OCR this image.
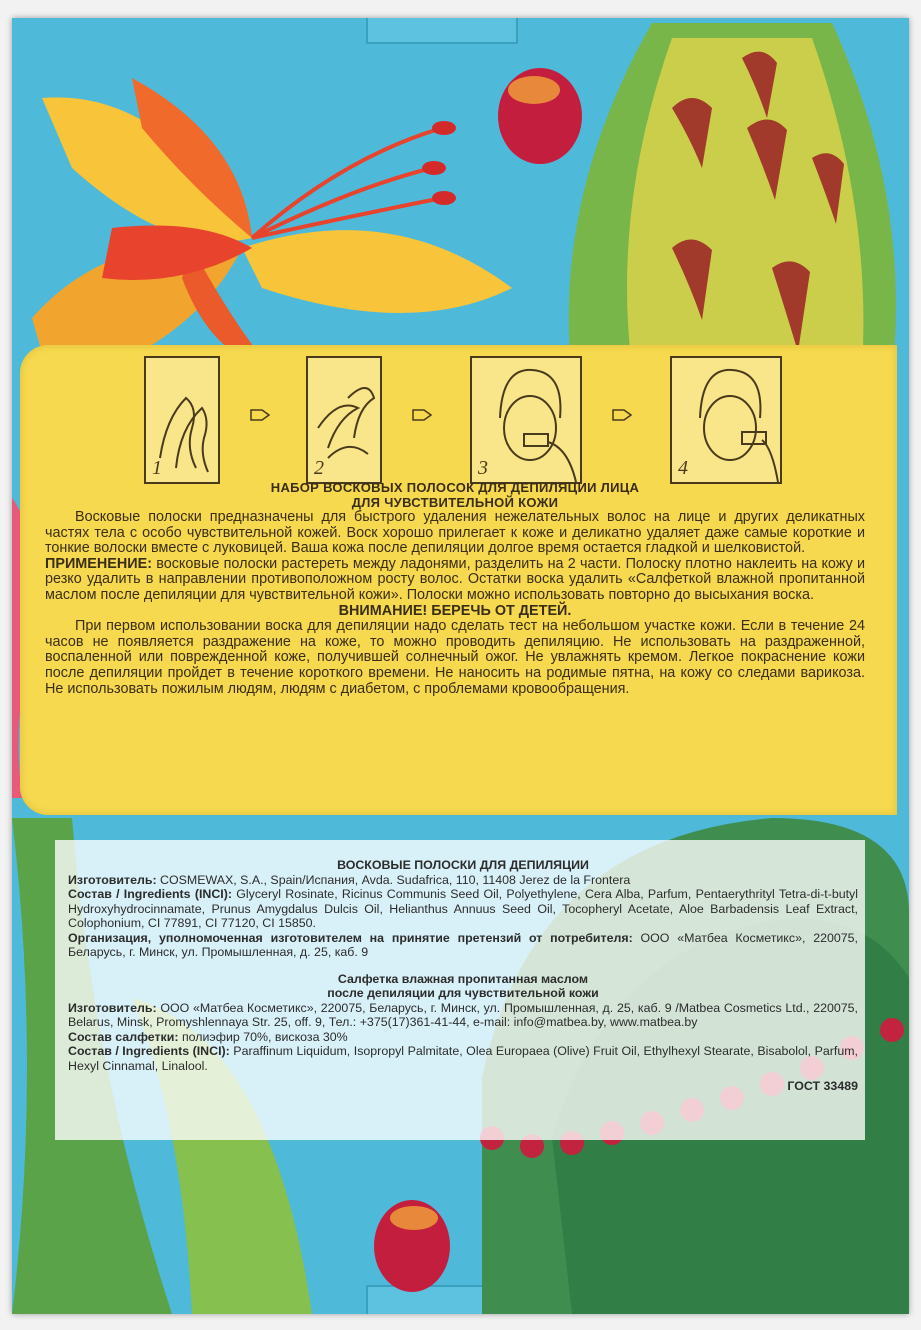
1	2	3	4

НАБОР ВОСКОВЫХ ПОЛОСОК ДЛЯ ДЕПИЛЯЦИИ ЛИЦА

ДЛЯ ЧУВСТВИТЕЛЬНОЙ КОЖИ

Восковые полоски предназначены для быстрого удаления нежелательных волос на лице и других деликатных частях тела с особо чувствительной кожей. Воск хорошо прилегает к коже и деликатно удаляет даже самые короткие и тонкие волоски вместе с луковицей. Ваша кожа после депиляции долгое время остается гладкой и шелковистой.

ПРИМЕНЕНИЕ: восковые полоски растереть между ладонями, разделить на 2 части. Полоску плотно наклеить на кожу и резко удалить в направлении противоположном росту волос. Остатки воска удалить «Салфеткой влажной пропитанной маслом после депиляции для чувствительной кожи». Полоски можно использовать повторно до высыхания воска.

ВНИМАНИЕ! БЕРЕЧЬ ОТ ДЕТЕЙ.

При первом использовании воска для депиляции надо сделать тест на небольшом участке кожи. Если в течение 24 часов не появляется раздражение на коже, то можно проводить депиляцию. Не использовать на раздраженной, воспаленной или поврежденной коже, получившей солнечный ожог. Не увлажнять кремом. Легкое покраснение кожи после депиляции пройдет в течение короткого времени. Не наносить на родимые пятна, на кожу со следами варикоза. Не использовать пожилым людям, людям с диабетом, с проблемами кровообращения.

ВОСКОВЫЕ ПОЛОСКИ ДЛЯ ДЕПИЛЯЦИИ

Изготовитель: COSMEWAX, S.A., Spain/Испания, Avda. Sudafrica, 110, 11408 Jerez de la Frontera

Состав / Ingredients (INCI): Glyceryl Rosinate, Ricinus Communis Seed Oil, Polyethylene, Cera Alba, Parfum, Pentaerythrityl Tetra-di-t-butyl Hydroxyhydrocinnamate, Prunus Amygdalus Dulcis Oil, Helianthus Annuus Seed Oil, Tocopheryl Acetate, Aloe Barbadensis Leaf Extract, Colophonium, CI 77891, CI 77120, CI 15850.

Организация, уполномоченная изготовителем на принятие претензий от потребителя: ООО «Матбеа Косметикс», 220075, Беларусь, г. Минск, ул. Промышленная, д. 25, каб. 9

Салфетка влажная пропитанная маслом

после депиляции для чувствительной кожи

Изготовитель: ООО «Матбеа Косметикс», 220075, Беларусь, г. Минск, ул. Промышленная, д. 25, каб. 9 /Matbea Cosmetics Ltd., 220075, Belarus, Minsk, Promyshlennaya Str. 25, off. 9, Тел.: +375(17)361-41-44, e-mail: info@matbea.by, www.matbea.by

Состав салфетки: полиэфир 70%, вискоза 30%

Состав / Ingredients (INCI): Paraffinum Liquidum, Isopropyl Palmitate, Olea Europaea (Olive) Fruit Oil, Ethylhexyl Stearate, Bisabolol, Parfum, Hexyl Cinnamal, Linalool.

ГОСТ 33489
